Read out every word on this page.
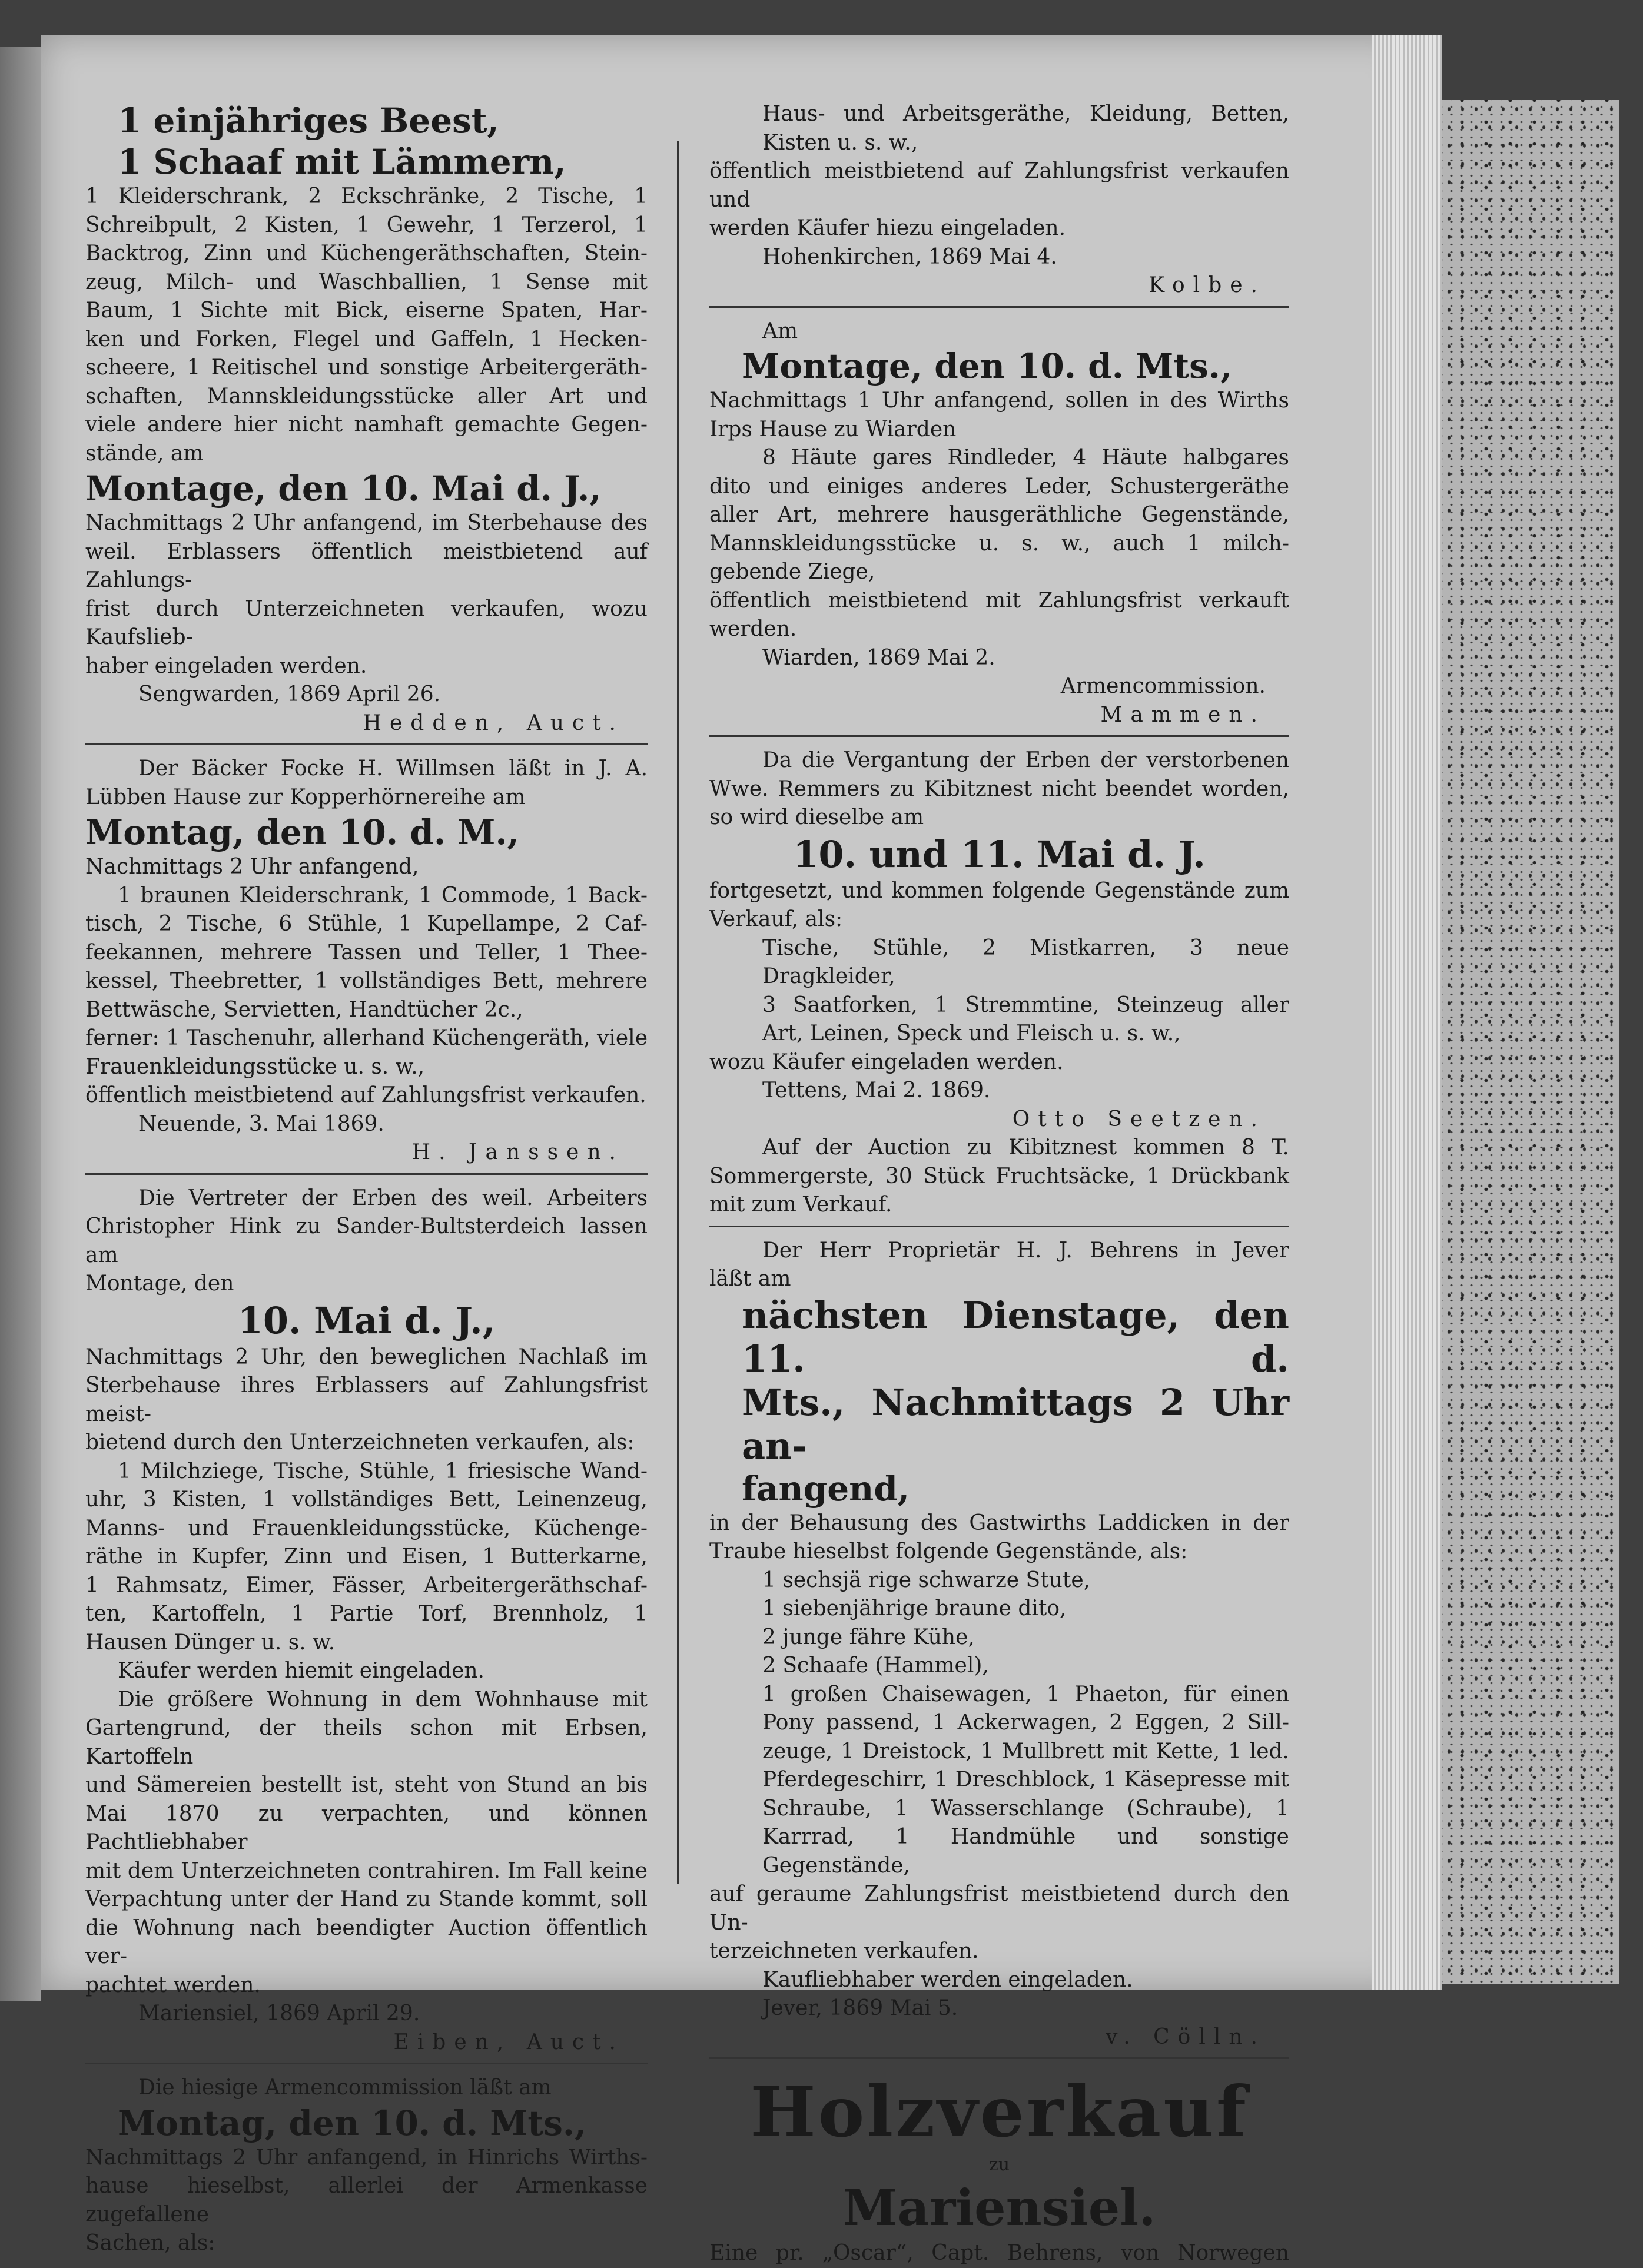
1 einjähriges Beest,
1 Schaaf mit Lämmern,
1 Kleiderschrank, 2 Eckschränke, 2 Tische, 1
Schreibpult, 2 Kisten, 1 Gewehr, 1 Terzerol, 1
Backtrog, Zinn und Küchengeräthschaften, Stein-
zeug, Milch- und Waschballien, 1 Sense mit
Baum, 1 Sichte mit Bick, eiserne Spaten, Har-
ken und Forken, Flegel und Gaffeln, 1 Hecken-
scheere, 1 Reitischel und sonstige Arbeitergeräth-
schaften, Mannskleidungsstücke aller Art und
viele andere hier nicht namhaft gemachte Gegen-
stände, am
Montage, den 10. Mai d. J.,
Nachmittags 2 Uhr anfangend, im Sterbehause des
weil. Erblassers öffentlich meistbietend auf Zahlungs-
frist durch Unterzeichneten verkaufen, wozu Kaufslieb-
haber eingeladen werden.
Sengwarden, 1869 April 26.
Hedden, Auct.
Der Bäcker Focke H. Willmsen läßt in J. A.
Lübben Hause zur Kopperhörnereihe am
Montag, den 10. d. M.,
Nachmittags 2 Uhr anfangend,
1 braunen Kleiderschrank, 1 Commode, 1 Back-
tisch, 2 Tische, 6 Stühle, 1 Kupellampe, 2 Caf-
feekannen, mehrere Tassen und Teller, 1 Thee-
kessel, Theebretter, 1 vollständiges Bett, mehrere
Bettwäsche, Servietten, Handtücher 2c.,
ferner: 1 Taschenuhr, allerhand Küchengeräth, viele
Frauenkleidungsstücke u. s. w.,
öffentlich meistbietend auf Zahlungsfrist verkaufen.
Neuende, 3. Mai 1869.
H. Janssen.
Die Vertreter der Erben des weil. Arbeiters
Christopher Hink zu Sander-Bultsterdeich lassen am
Montage, den
10. Mai d. J.,
Nachmittags 2 Uhr, den beweglichen Nachlaß im
Sterbehause ihres Erblassers auf Zahlungsfrist meist-
bietend durch den Unterzeichneten verkaufen, als:
1 Milchziege, Tische, Stühle, 1 friesische Wand-
uhr, 3 Kisten, 1 vollständiges Bett, Leinenzeug,
Manns- und Frauenkleidungsstücke, Küchenge-
räthe in Kupfer, Zinn und Eisen, 1 Butterkarne,
1 Rahmsatz, Eimer, Fässer, Arbeitergeräthschaf-
ten, Kartoffeln, 1 Partie Torf, Brennholz, 1
Hausen Dünger u. s. w.
Käufer werden hiemit eingeladen.
Die größere Wohnung in dem Wohnhause mit
Gartengrund, der theils schon mit Erbsen, Kartoffeln
und Sämereien bestellt ist, steht von Stund an bis
Mai 1870 zu verpachten, und können Pachtliebhaber
mit dem Unterzeichneten contrahiren. Im Fall keine
Verpachtung unter der Hand zu Stande kommt, soll
die Wohnung nach beendigter Auction öffentlich ver-
pachtet werden.
Mariensiel, 1869 April 29.
Eiben, Auct.
Die hiesige Armencommission läßt am
Montag, den 10. d. Mts.,
Nachmittags 2 Uhr anfangend, in Hinrichs Wirths-
hause hieselbst, allerlei der Armenkasse zugefallene
Sachen, als:
Haus- und Arbeitsgeräthe, Kleidung, Betten,
Kisten u. s. w.,
öffentlich meistbietend auf Zahlungsfrist verkaufen und
werden Käufer hiezu eingeladen.
Hohenkirchen, 1869 Mai 4.
Kolbe.
Am
Montage, den 10. d. Mts.,
Nachmittags 1 Uhr anfangend, sollen in des Wirths
Irps Hause zu Wiarden
8 Häute gares Rindleder, 4 Häute halbgares
dito und einiges anderes Leder, Schustergeräthe
aller Art, mehrere hausgeräthliche Gegenstände,
Mannskleidungsstücke u. s. w., auch 1 milch-
gebende Ziege,
öffentlich meistbietend mit Zahlungsfrist verkauft
werden.
Wiarden, 1869 Mai 2.
Armencommission.
Mammen.
Da die Vergantung der Erben der verstorbenen
Wwe. Remmers zu Kibitznest nicht beendet worden,
so wird dieselbe am
10. und 11. Mai d. J.
fortgesetzt, und kommen folgende Gegenstände zum
Verkauf, als:
Tische, Stühle, 2 Mistkarren, 3 neue Dragkleider,
3 Saatforken, 1 Stremmtine, Steinzeug aller
Art, Leinen, Speck und Fleisch u. s. w.,
wozu Käufer eingeladen werden.
Tettens, Mai 2. 1869.
Otto Seetzen.
Auf der Auction zu Kibitznest kommen 8 T.
Sommergerste, 30 Stück Fruchtsäcke, 1 Drückbank
mit zum Verkauf.
Der Herr Proprietär H. J. Behrens in Jever
läßt am
nächsten Dienstage, den 11. d.
Mts., Nachmittags 2 Uhr an-
fangend,
in der Behausung des Gastwirths Laddicken in der
Traube hieselbst folgende Gegenstände, als:
1 sechsjä rige schwarze Stute,
1 siebenjährige braune dito,
2 junge fähre Kühe,
2 Schaafe (Hammel),
1 großen Chaisewagen, 1 Phaeton, für einen
Pony passend, 1 Ackerwagen, 2 Eggen, 2 Sill-
zeuge, 1 Dreistock, 1 Mullbrett mit Kette, 1 led.
Pferdegeschirr, 1 Dreschblock, 1 Käsepresse mit
Schraube, 1 Wasserschlange (Schraube), 1
Karrrad, 1 Handmühle und sonstige Gegenstände,
auf geraume Zahlungsfrist meistbietend durch den Un-
terzeichneten verkaufen.
Kaufliebhaber werden eingeladen.
Jever, 1869 Mai 5.
v. Cölln.
Holzverkauf
zu
Mariensiel.
Eine pr. „Oscar“, Capt. Behrens, von Norwegen
